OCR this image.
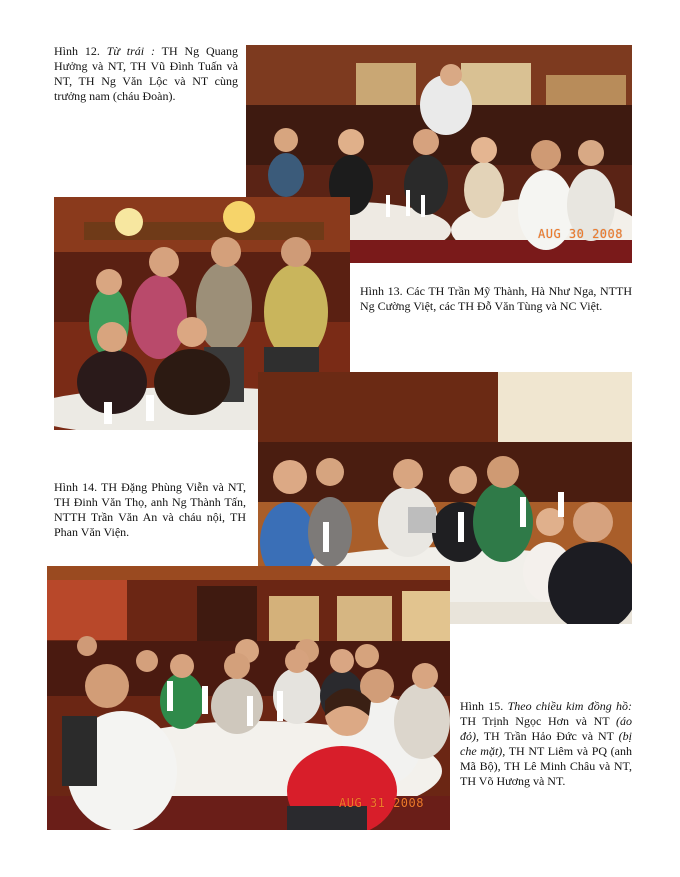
AUG 30 2008
AUG 31 2008
Hình 12. Từ trái : TH Ng Quang Hưởng và NT, TH Vũ Đình Tuấn và NT, TH Ng Văn Lộc và NT cùng trưởng nam (cháu Đoàn).
Hình 13. Các TH Trần Mỹ Thành, Hà Như Nga, NTTH Ng Cường Việt, các TH Đỗ Văn Tùng và NC Việt.
Hình 14. TH Đặng Phùng Viễn và NT, TH Đinh Văn Thọ, anh Ng Thành Tấn, NTTH Trần Văn An và cháu nội, TH Phan Văn Viện.
Hình 15. Theo chiều kim đồng hồ: TH Trịnh Ngọc Hơn và NT (áo đỏ), TH Trần Hảo Đức và NT (bị che mặt), TH NT Liêm và PQ (anh Mã Bộ), TH Lê Minh Châu và NT, TH Võ Hương và NT.
